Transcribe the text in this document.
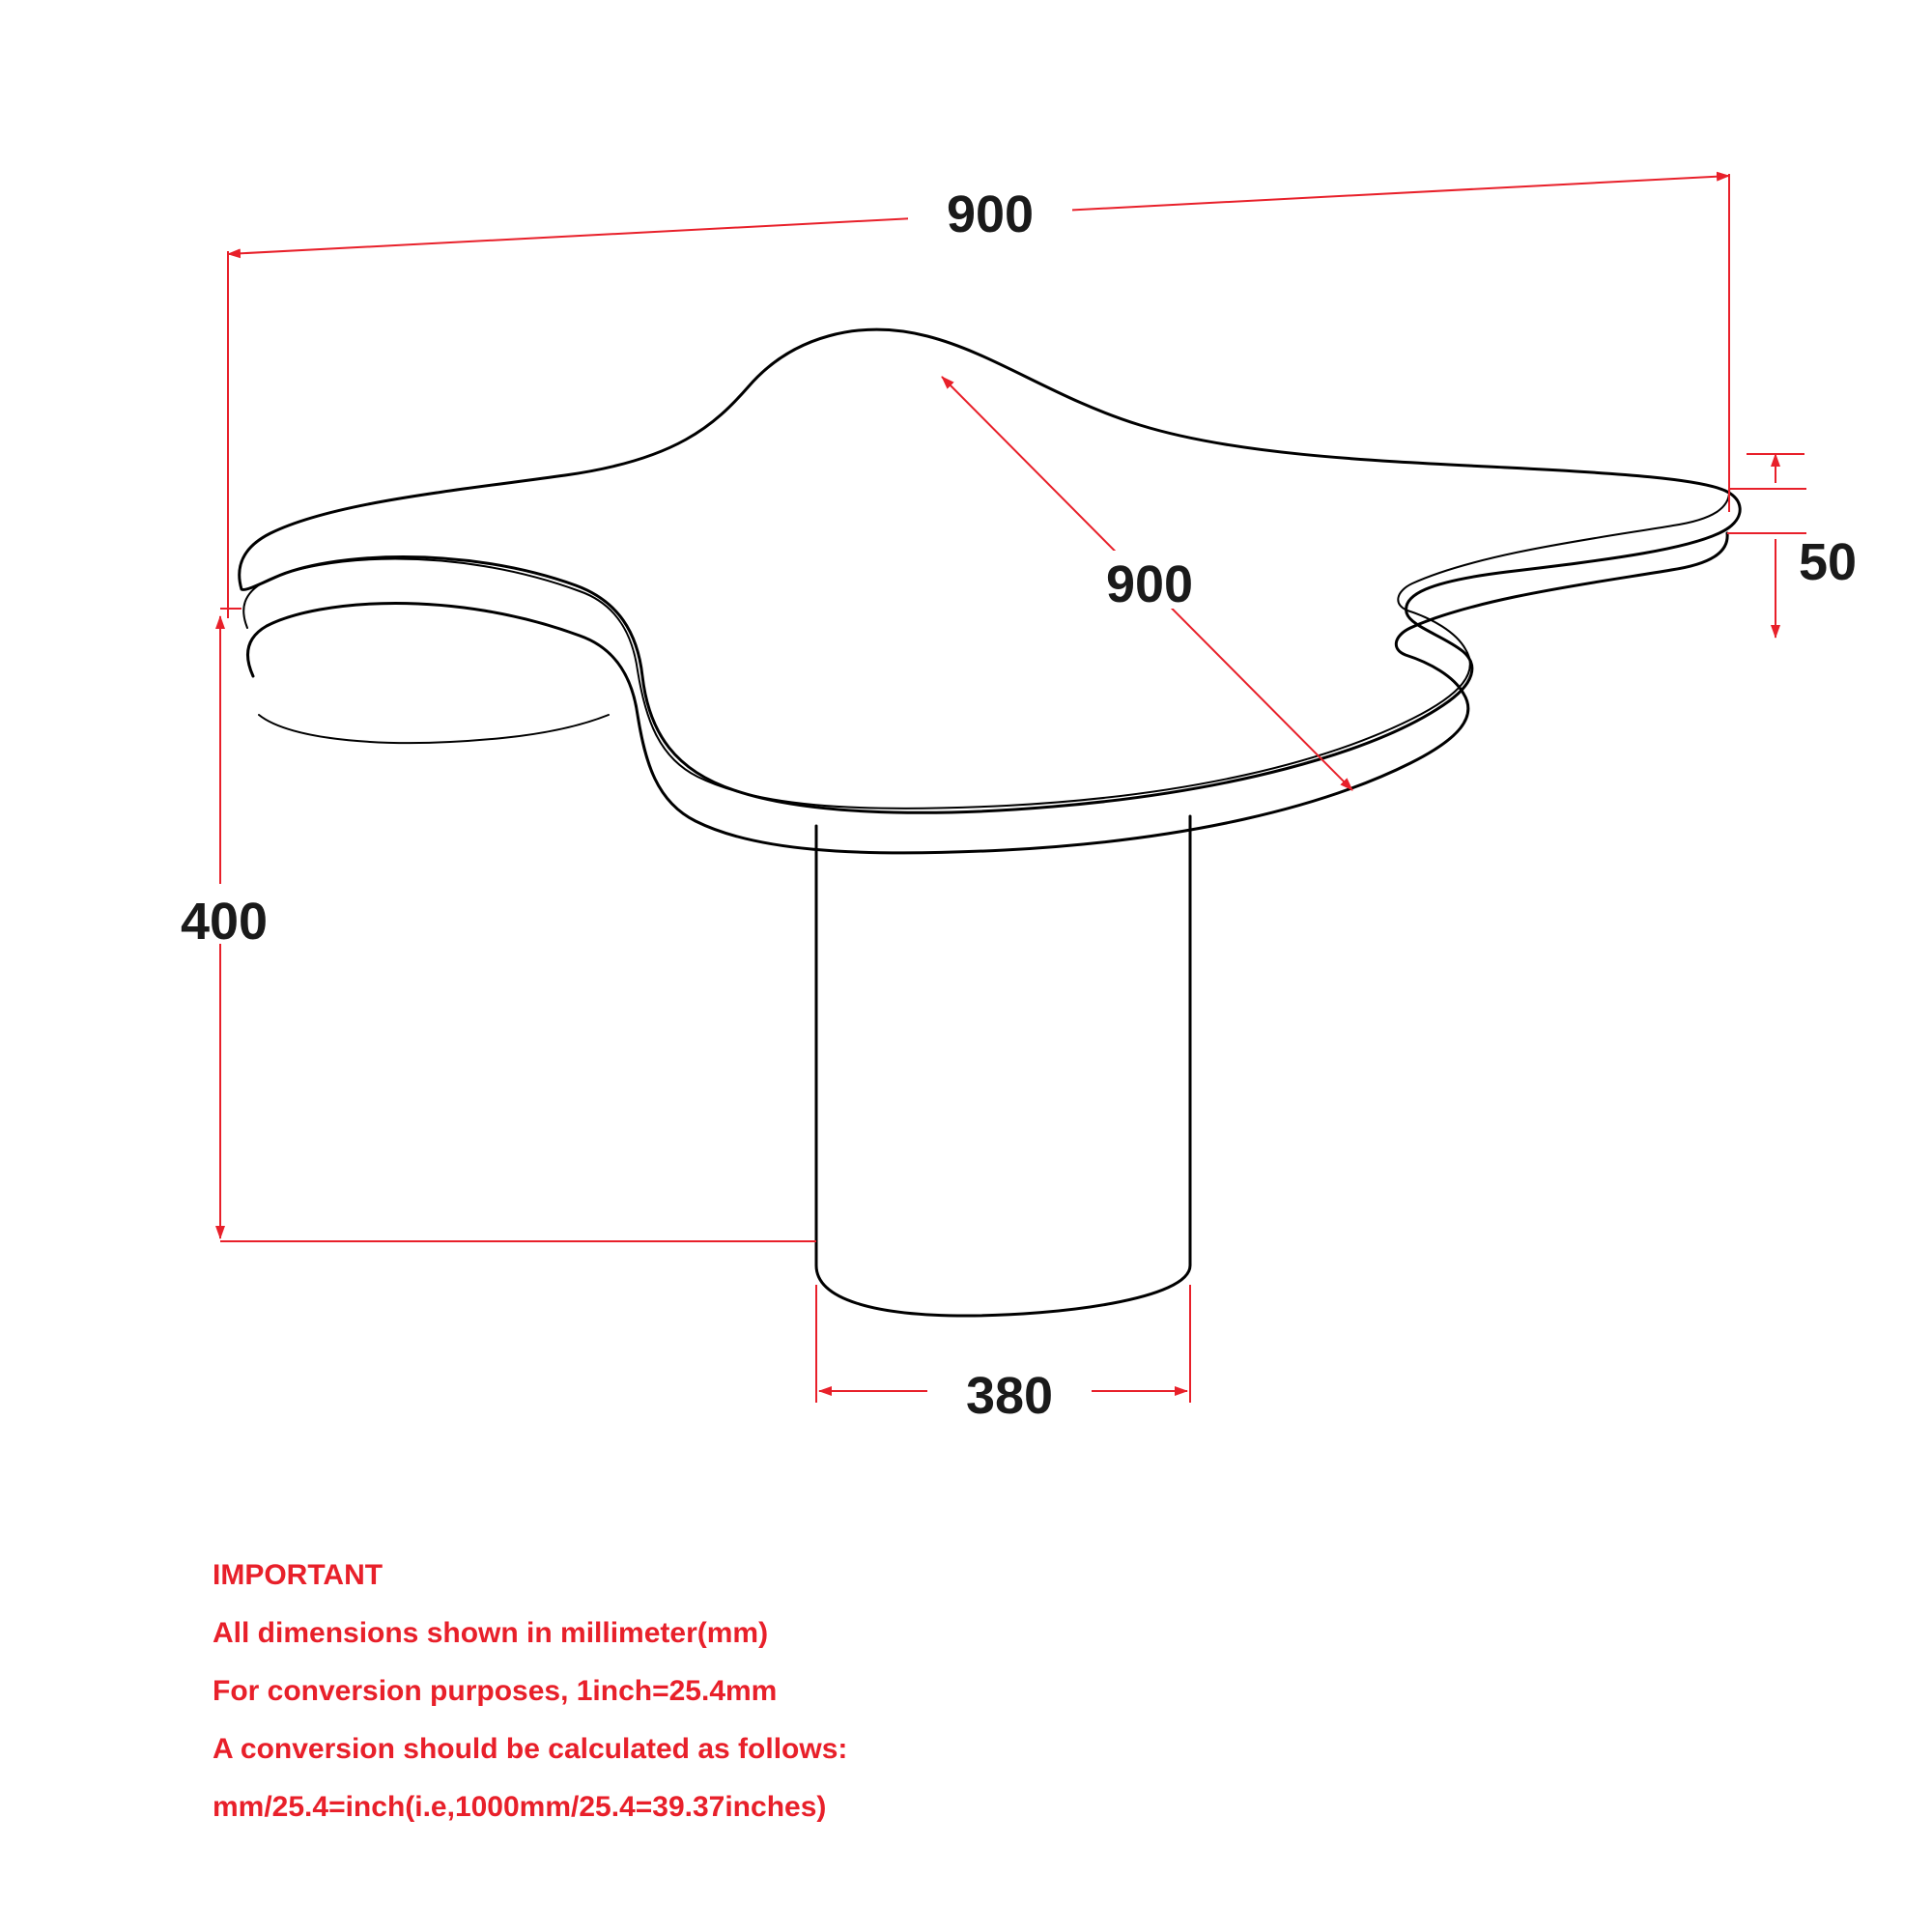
900
900	50
400
380
IMPORTANT
All dimensions shown in millimeter(mm)
For conversion purposes, 1inch=25.4mm
A conversion should be calculated as follows:
mm/25.4=inch(i.e,1000mm/25.4=39.37inches)
